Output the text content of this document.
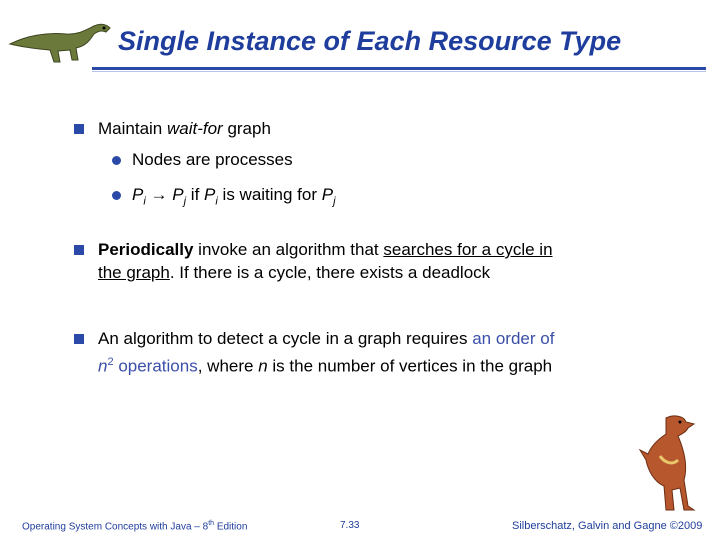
Single Instance of Each Resource Type
Maintain wait-for graph
Nodes are processes
$P_i \to P_j$ if $P_i$ is waiting for $P_j$
Periodically invoke an algorithm that searches for a cycle in
the graph. If there is a cycle, there exists a deadlock
An algorithm to detect a cycle in a graph requires an order of
$n^2$ operations, where n is the number of vertices in the graph
Operating System Concepts with Java – 8th Edition	7.33	Silberschatz, Galvin and Gagne ©2009
